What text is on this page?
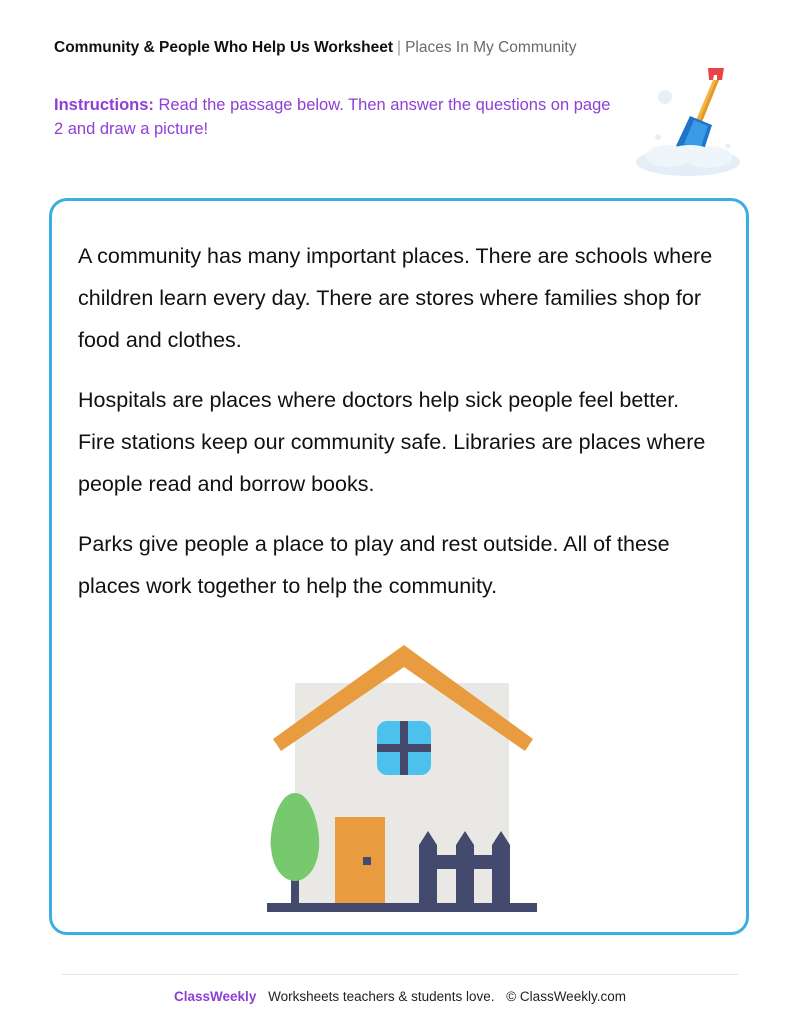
Community & People Who Help Us Worksheet | Places In My Community
Instructions: Read the passage below. Then answer the questions on page 2 and draw a picture!

A community has many important places. There are schools where children learn every day. There are stores where families shop for food and clothes.

Hospitals are places where doctors help sick people feel better. Fire stations keep our community safe. Libraries are places where people read and borrow books.

Parks give people a place to play and rest outside. All of these places work together to help the community.

ClassWeekly Worksheets teachers & students love. © ClassWeekly.com
